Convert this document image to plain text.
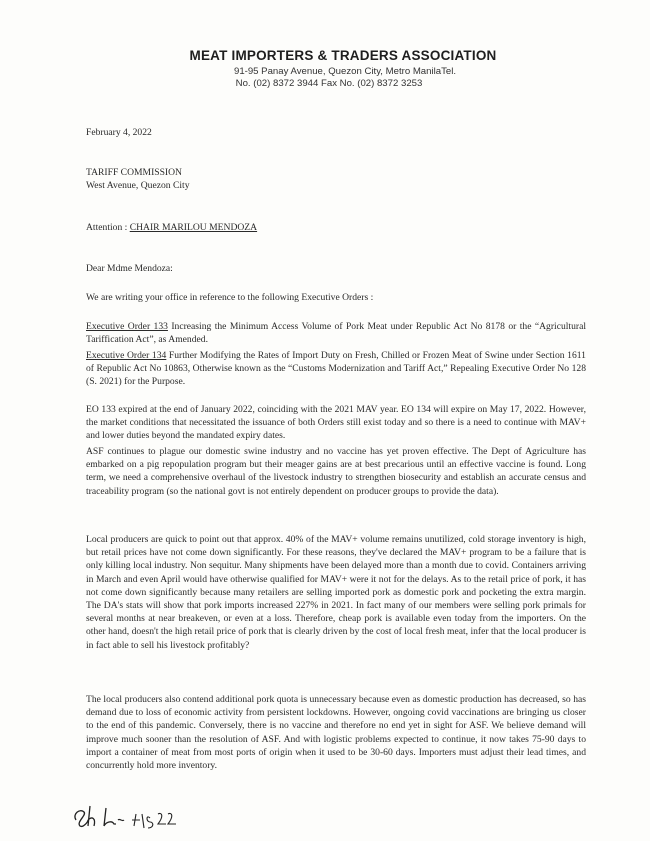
MEAT IMPORTERS & TRADERS ASSOCIATION
91-95 Panay Avenue, Quezon City, Metro ManilaTel.
No. (02) 8372 3944 Fax No. (02) 8372 3253
February 4, 2022
TARIFF COMMISSION
West Avenue, Quezon City
Attention : CHAIR MARILOU MENDOZA
Dear Mdme Mendoza:
We are writing your office in reference to the following Executive Orders :
Executive Order 133 Increasing the Minimum Access Volume of Pork Meat under Republic Act No 8178 or the “Agricultural Tariffication Act”, as Amended.
Executive Order 134 Further Modifying the Rates of Import Duty on Fresh, Chilled or Frozen Meat of Swine under Section 1611 of Republic Act No 10863, Otherwise known as the “Customs Modernization and Tariff Act,” Repealing Executive Order No 128 (S. 2021) for the Purpose.
EO 133 expired at the end of January 2022, coinciding with the 2021 MAV year. EO 134 will expire on May 17, 2022. However, the market conditions that necessitated the issuance of both Orders still exist today and so there is a need to continue with MAV+ and lower duties beyond the mandated expiry dates.
ASF continues to plague our domestic swine industry and no vaccine has yet proven effective. The Dept of Agriculture has embarked on a pig repopulation program but their meager gains are at best precarious until an effective vaccine is found. Long term, we need a comprehensive overhaul of the livestock industry to strengthen biosecurity and establish an accurate census and traceability program (so the national govt is not entirely dependent on producer groups to provide the data).
Local producers are quick to point out that approx. 40% of the MAV+ volume remains unutilized, cold storage inventory is high, but retail prices have not come down significantly. For these reasons, they've declared the MAV+ program to be a failure that is only killing local industry. Non sequitur. Many shipments have been delayed more than a month due to covid. Containers arriving in March and even April would have otherwise qualified for MAV+ were it not for the delays. As to the retail price of pork, it has not come down significantly because many retailers are selling imported pork as domestic pork and pocketing the extra margin. The DA's stats will show that pork imports increased 227% in 2021. In fact many of our members were selling pork primals for several months at near breakeven, or even at a loss. Therefore, cheap pork is available even today from the importers. On the other hand, doesn't the high retail price of pork that is clearly driven by the cost of local fresh meat, infer that the local producer is in fact able to sell his livestock profitably?
The local producers also contend additional pork quota is unnecessary because even as domestic production has decreased, so has demand due to loss of economic activity from persistent lockdowns. However, ongoing covid vaccinations are bringing us closer to the end of this pandemic. Conversely, there is no vaccine and therefore no end yet in sight for ASF. We believe demand will improve much sooner than the resolution of ASF. And with logistic problems expected to continue, it now takes 75-90 days to import a container of meat from most ports of origin when it used to be 30-60 days. Importers must adjust their lead times, and concurrently hold more inventory.
